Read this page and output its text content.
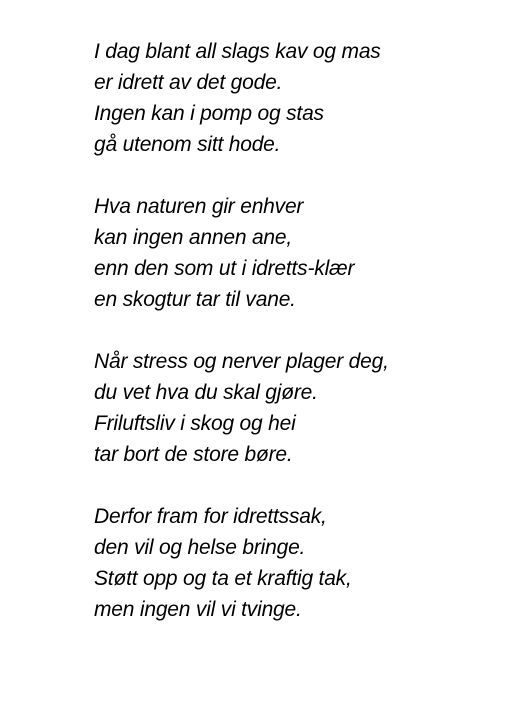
I dag blant all slags kav og mas
er idrett av det gode.
Ingen kan i pomp og stas
gå utenom sitt hode.
Hva naturen gir enhver
kan ingen annen ane,
enn den som ut i idretts-klær
en skogtur tar til vane.
Når stress og nerver plager deg,
du vet hva du skal gjøre.
Friluftsliv i skog og hei
tar bort de store børe.
Derfor fram for idrettssak,
den vil og helse bringe.
Støtt opp og ta et kraftig tak,
men ingen vil vi tvinge.
